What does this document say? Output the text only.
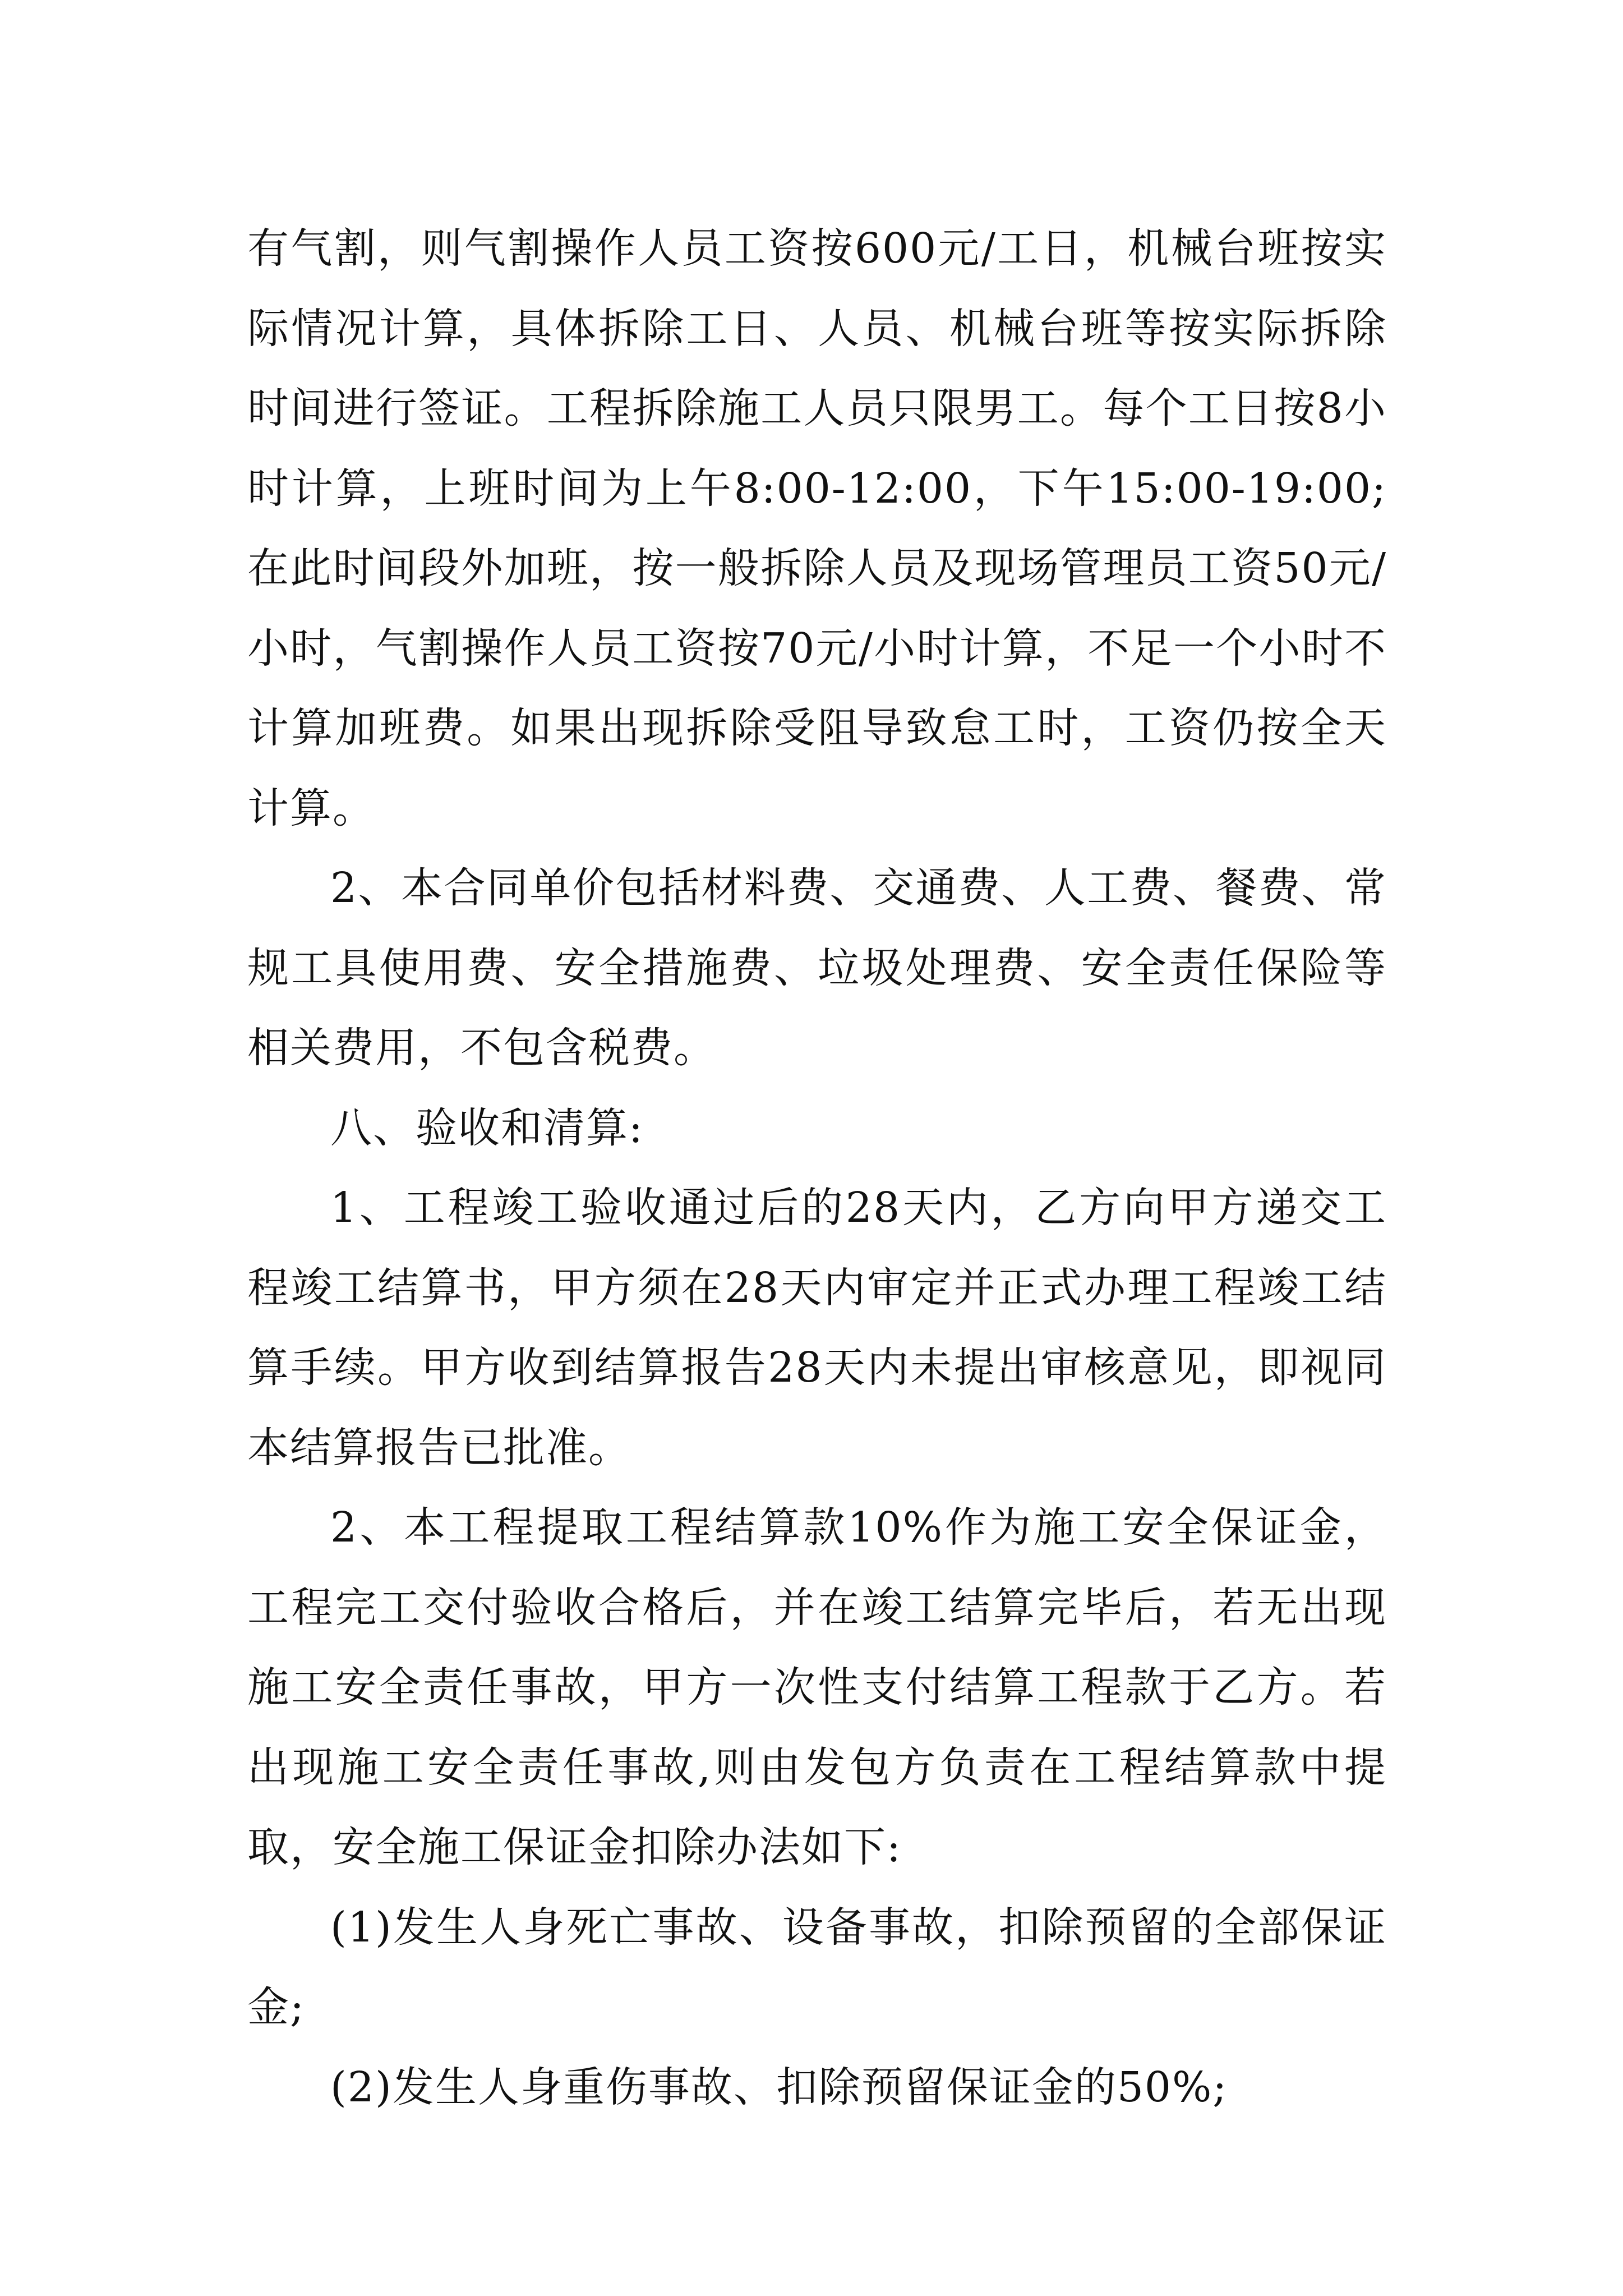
有气割，则气割操作人员工资按600元/工日，机械台班按实际情况计算，具体拆除工日、人员、机械台班等按实际拆除时间进行签证。工程拆除施工人员只限男工。每个工日按8小时计算，上班时间为上午8:00-12:00，下午15:00-19:00;在此时间段外加班，按一般拆除人员及现场管理员工资50元/小时，气割操作人员工资按70元/小时计算，不足一个小时不计算加班费。如果出现拆除受阻导致怠工时，工资仍按全天计算。

2、本合同单价包括材料费、交通费、人工费、餐费、常规工具使用费、安全措施费、垃圾处理费、安全责任保险等相关费用，不包含税费。

八、验收和清算:

1、工程竣工验收通过后的28天内，乙方向甲方递交工程竣工结算书，甲方须在28天内审定并正式办理工程竣工结算手续。甲方收到结算报告28天内未提出审核意见，即视同本结算报告已批准。

2、本工程提取工程结算款10%作为施工安全保证金，工程完工交付验收合格后，并在竣工结算完毕后，若无出现施工安全责任事故，甲方一次性支付结算工程款于乙方。若出现施工安全责任事故,则由发包方负责在工程结算款中提取，安全施工保证金扣除办法如下:

(1)发生人身死亡事故、设备事故，扣除预留的全部保证金;

(2)发生人身重伤事故、扣除预留保证金的50%;
